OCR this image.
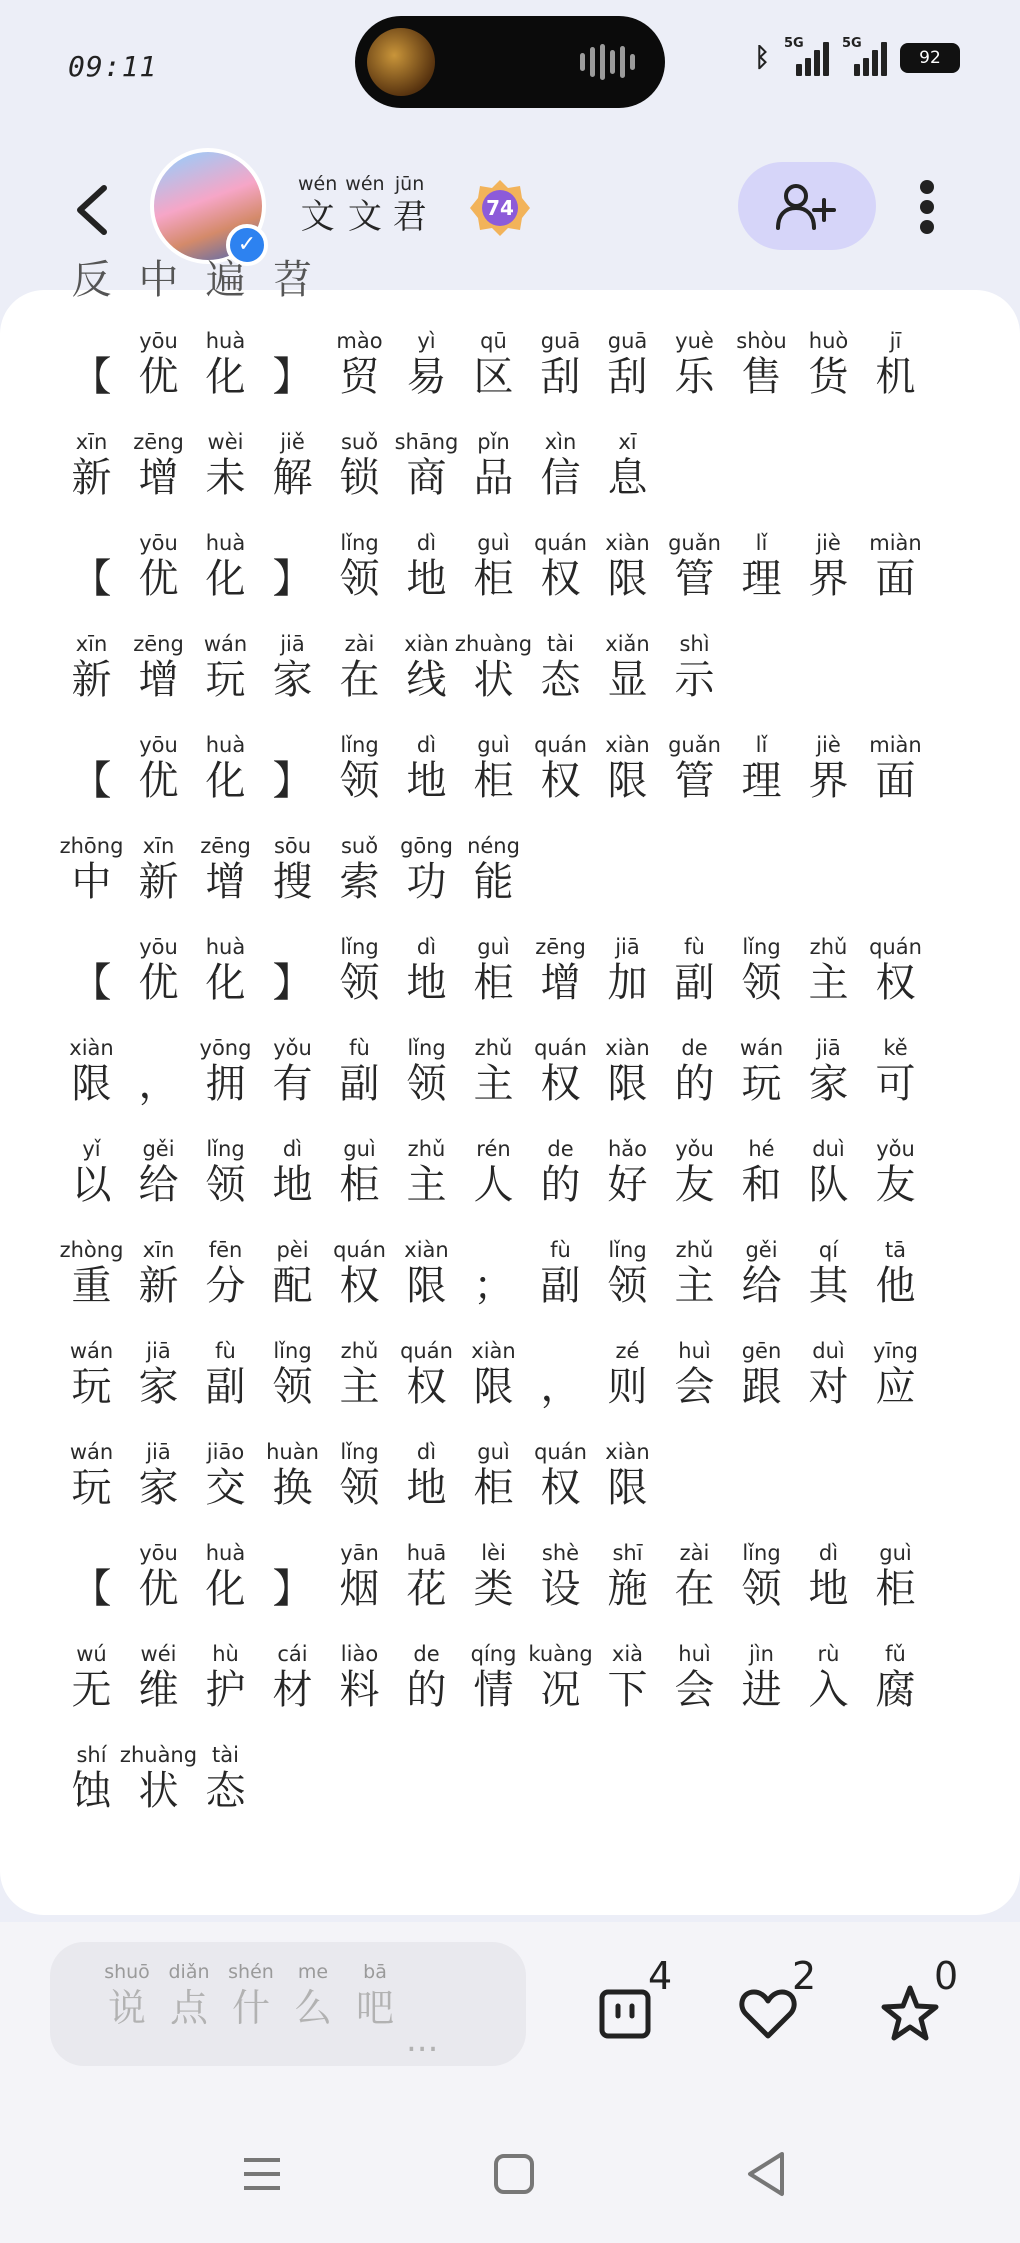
09:11	ᛒ 5G	5G
92
✓
wén
文
wén
文
jūn
君	74
反 中 遍 苕
【
yōu
优
huà
化 】
mào
贸
yì
易
qū
区
guā
刮
guā
刮
yuè
乐
shòu
售
huò
货
jī
机
xīn
新
zēng
增
wèi
未
jiě
解
suǒ
锁
shāng
商
pǐn
品
xìn
信
xī
息
【
yōu
优
huà
化 】
lǐng
领
dì
地
guì
柜
quán
权
xiàn
限
guǎn
管
lǐ
理
jiè
界
miàn
面
xīn
新
zēng
增
wán
玩
jiā
家
zài
在
xiàn
线
zhuàng
状
tài
态
xiǎn
显
shì
示
【
yōu
优
huà
化 】
lǐng
领
dì
地
guì
柜
quán
权
xiàn
限
guǎn
管
lǐ
理
jiè
界
miàn
面
zhōng
中
xīn
新
zēng
增
sōu
搜
suǒ
索
gōng
功
néng
能
【
yōu
优
huà
化 】
lǐng
领
dì
地
guì
柜
zēng
增
jiā
加
fù
副
lǐng
领
zhǔ
主
quán
权
xiàn
限 ，
yōng
拥
yǒu
有
fù
副
lǐng
领
zhǔ
主
quán
权
xiàn
限
de
的
wán
玩
jiā
家
kě
可
yǐ
以
gěi
给
lǐng
领
dì
地
guì
柜
zhǔ
主
rén
人
de
的
hǎo
好
yǒu
友
hé
和
duì
队
yǒu
友
zhòng
重
xīn
新
fēn
分
pèi
配
quán
权
xiàn
限 ；
fù
副
lǐng
领
zhǔ
主
gěi
给
qí
其
tā
他
wán
玩
jiā
家
fù
副
lǐng
领
zhǔ
主
quán
权
xiàn
限 ，
zé
则
huì
会
gēn
跟
duì
对
yīng
应
wán
玩
jiā
家
jiāo
交
huàn
换
lǐng
领
dì
地
guì
柜
quán
权
xiàn
限
【
yōu
优
huà
化 】
yān
烟
huā
花
lèi
类
shè
设
shī
施
zài
在
lǐng
领
dì
地
guì
柜
wú
无
wéi
维
hù
护
cái
材
liào
料
de
的
qíng
情
kuàng
况
xià
下
huì
会
jìn
进
rù
入
fǔ
腐
shí
蚀
zhuàng
状
tài
态
shuō
说
diǎn
点
shén
什
me
么
bā
吧
...
4	2	0
